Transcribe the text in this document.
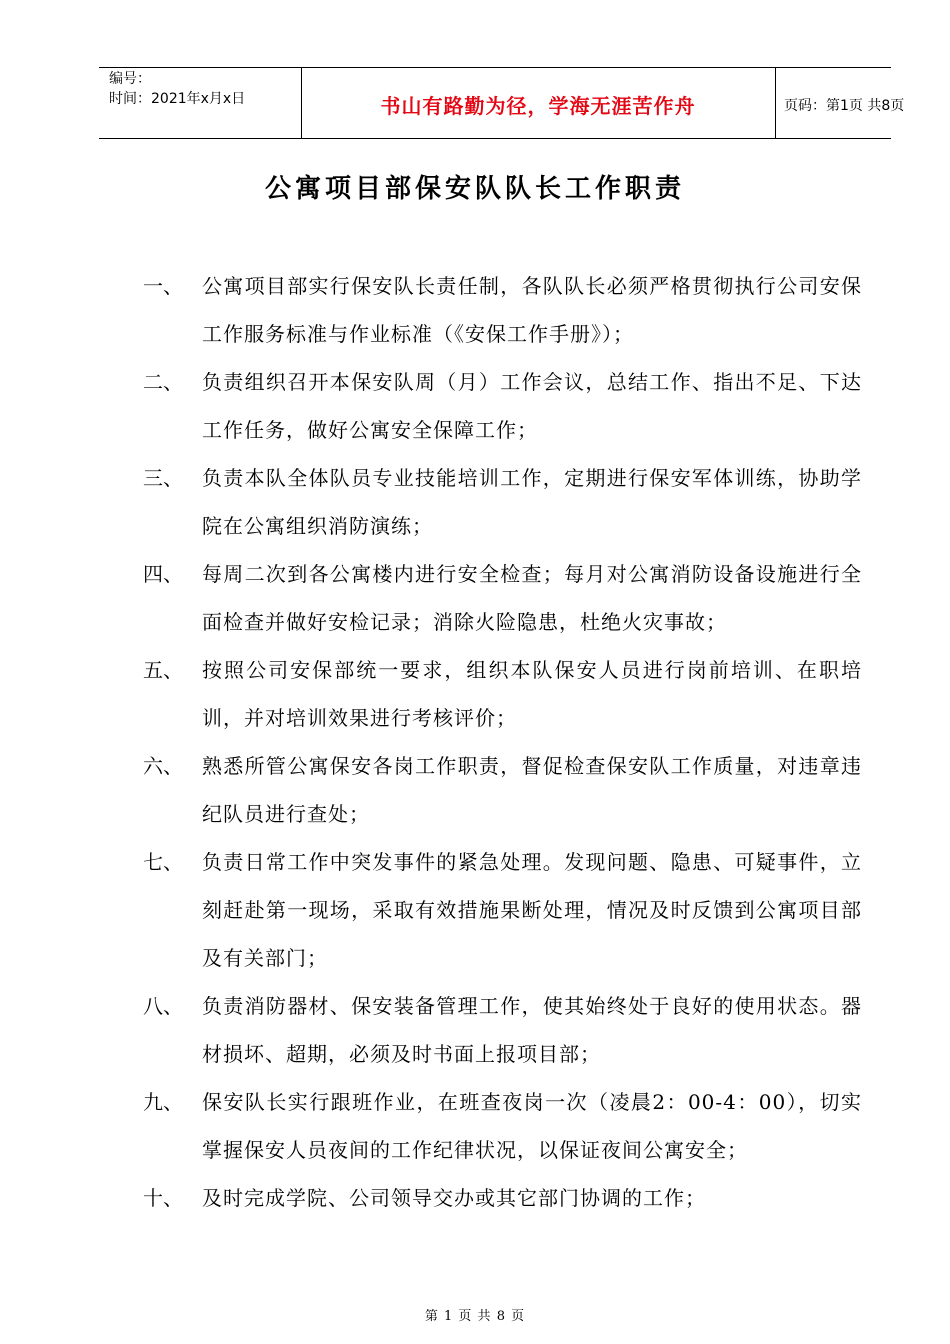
编号：
时间：2021年x月x日	书山有路勤为径，学海无涯苦作舟	页码：第1页 共8页
公寓项目部保安队队长工作职责
一、 公寓项目部实行保安队长责任制，各队队长必须严格贯彻执行公司安保工作服务标准与作业标准（《安保工作手册》）；
二、 负责组织召开本保安队周（月）工作会议，总结工作、指出不足、下达工作任务，做好公寓安全保障工作；
三、 负责本队全体队员专业技能培训工作，定期进行保安军体训练，协助学院在公寓组织消防演练；
四、 每周二次到各公寓楼内进行安全检查；每月对公寓消防设备设施进行全面检查并做好安检记录；消除火险隐患，杜绝火灾事故；
五、 按照公司安保部统一要求，组织本队保安人员进行岗前培训、在职培训，并对培训效果进行考核评价；
六、 熟悉所管公寓保安各岗工作职责，督促检查保安队工作质量，对违章违纪队员进行查处；
七、 负责日常工作中突发事件的紧急处理。发现问题、隐患、可疑事件，立刻赶赴第一现场，采取有效措施果断处理，情况及时反馈到公寓项目部及有关部门；
八、 负责消防器材、保安装备管理工作，使其始终处于良好的使用状态。器材损坏、超期，必须及时书面上报项目部；
九、 保安队长实行跟班作业，在班查夜岗一次（凌晨2：00-4：00），切实掌握保安人员夜间的工作纪律状况，以保证夜间公寓安全；
十、 及时完成学院、公司领导交办或其它部门协调的工作；
第 1 页 共 8 页
